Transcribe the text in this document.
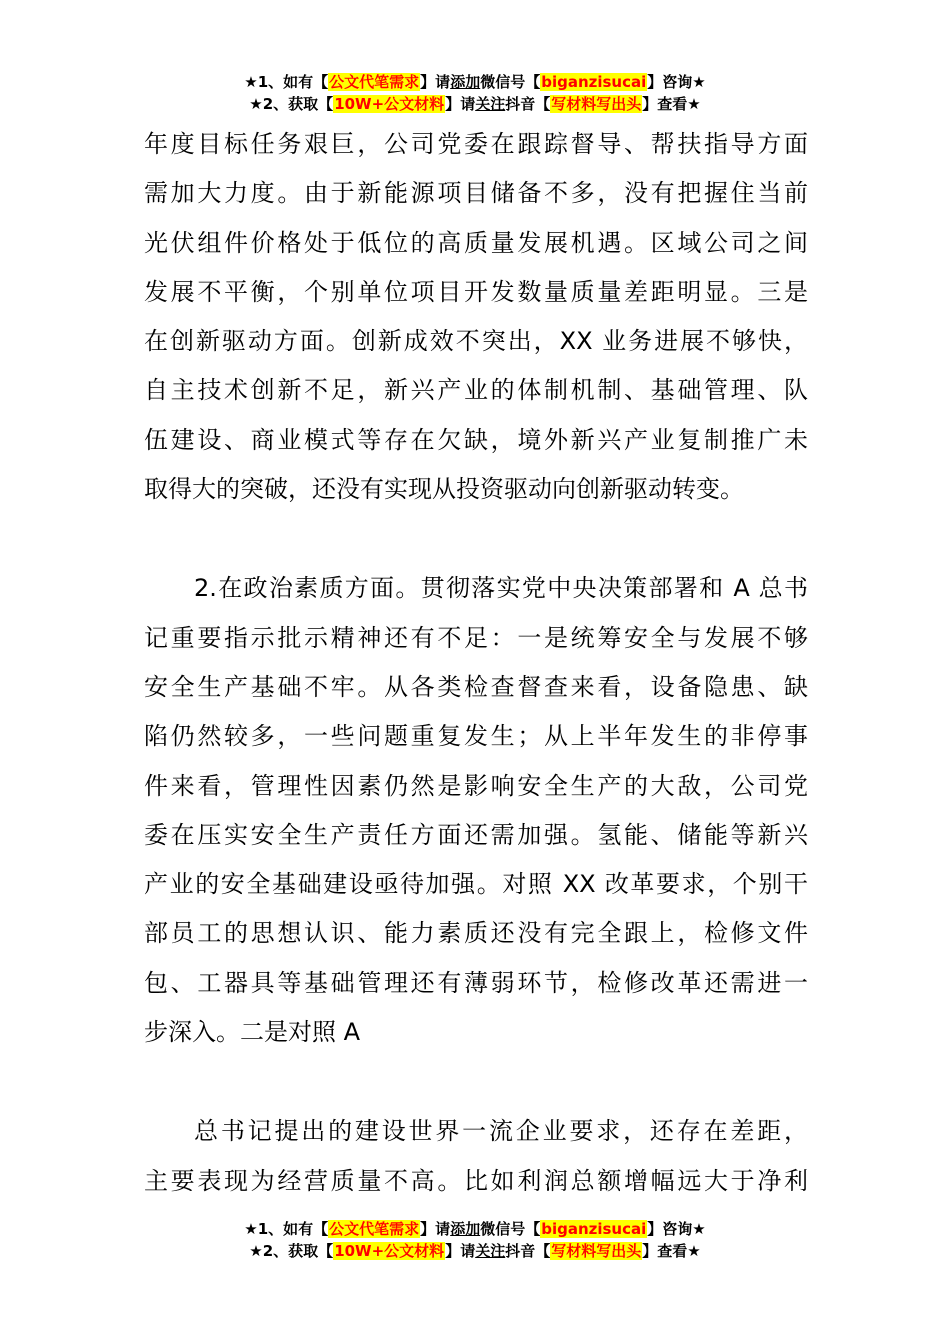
★1、如有【公文代笔需求】请添加微信号【biganzisucai】咨询★
★2、获取【10W+公文材料】请关注抖音【写材料写出头】查看★

年度目标任务艰巨，公司党委在跟踪督导、帮扶指导方面
需加大力度。由于新能源项目储备不多，没有把握住当前
光伏组件价格处于低位的高质量发展机遇。区域公司之间
发展不平衡，个别单位项目开发数量质量差距明显。三是
在创新驱动方面。创新成效不突出，XX 业务进展不够快，
自主技术创新不足，新兴产业的体制机制、基础管理、队
伍建设、商业模式等存在欠缺，境外新兴产业复制推广未
取得大的突破，还没有实现从投资驱动向创新驱动转变。

2.在政治素质方面。贯彻落实党中央决策部署和 A 总书
记重要指示批示精神还有不足：一是统筹安全与发展不够
安全生产基础不牢。从各类检查督查来看，设备隐患、缺
陷仍然较多，一些问题重复发生；从上半年发生的非停事
件来看，管理性因素仍然是影响安全生产的大敌，公司党
委在压实安全生产责任方面还需加强。氢能、储能等新兴
产业的安全基础建设亟待加强。对照 XX 改革要求，个别干
部员工的思想认识、能力素质还没有完全跟上，检修文件
包、工器具等基础管理还有薄弱环节，检修改革还需进一
步深入。二是对照 A

总书记提出的建设世界一流企业要求，还存在差距，
主要表现为经营质量不高。比如利润总额增幅远大于净利

★1、如有【公文代笔需求】请添加微信号【biganzisucai】咨询★
★2、获取【10W+公文材料】请关注抖音【写材料写出头】查看★
